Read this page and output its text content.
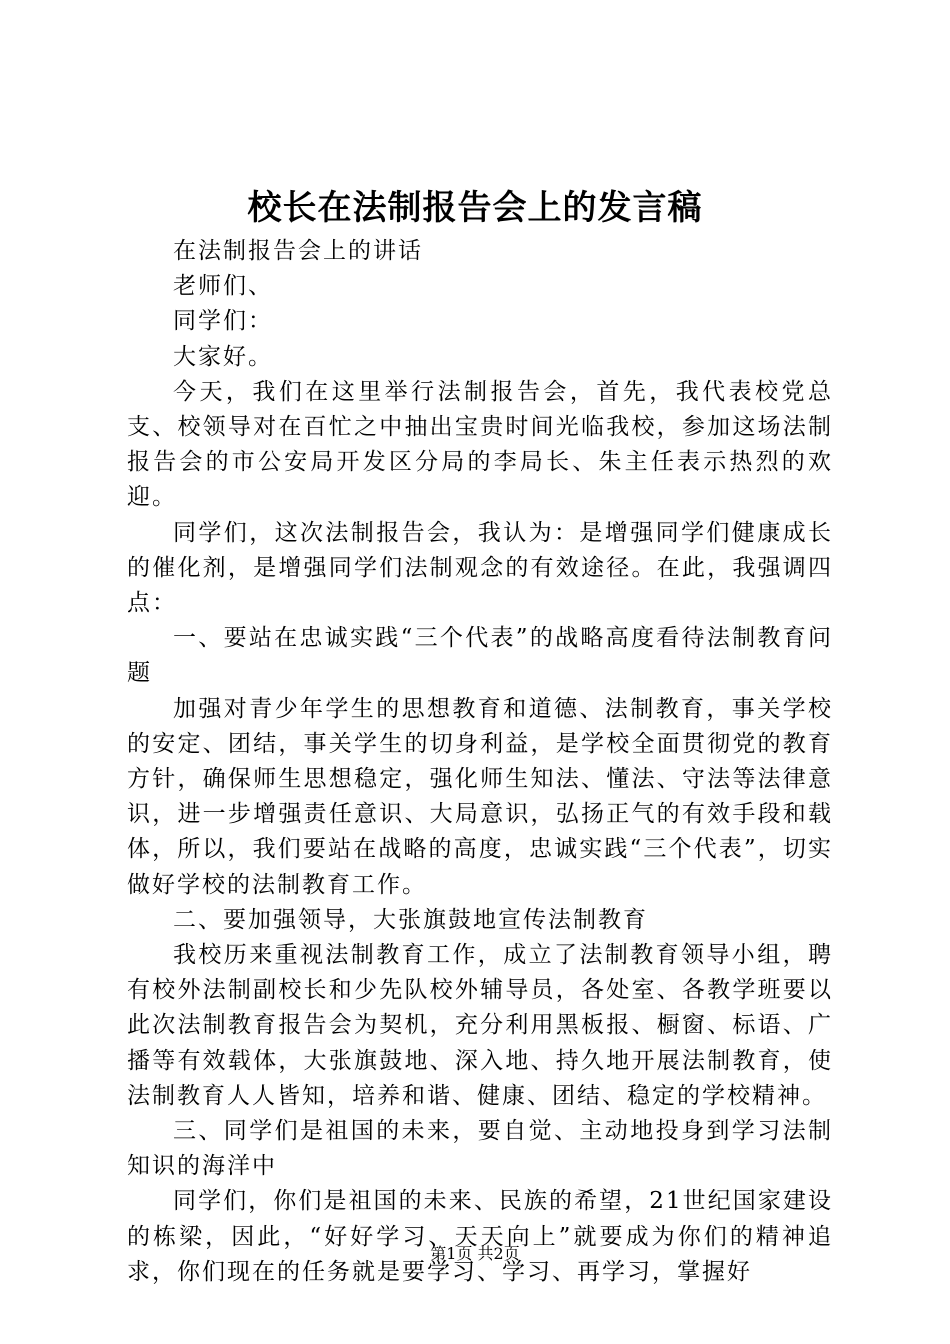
校长在法制报告会上的发言稿

在法制报告会上的讲话

老师们、

同学们：

大家好。

今天，我们在这里举行法制报告会，首先，我代表校党总支、校领导对在百忙之中抽出宝贵时间光临我校，参加这场法制报告会的市公安局开发区分局的李局长、朱主任表示热烈的欢迎。

同学们，这次法制报告会，我认为：是增强同学们健康成长的催化剂，是增强同学们法制观念的有效途径。在此，我强调四点：

一、要站在忠诚实践“三个代表”的战略高度看待法制教育问题

加强对青少年学生的思想教育和道德、法制教育，事关学校的安定、团结，事关学生的切身利益，是学校全面贯彻党的教育方针，确保师生思想稳定，强化师生知法、懂法、守法等法律意识，进一步增强责任意识、大局意识，弘扬正气的有效手段和载体，所以，我们要站在战略的高度，忠诚实践“三个代表”，切实做好学校的法制教育工作。

二、要加强领导，大张旗鼓地宣传法制教育

我校历来重视法制教育工作，成立了法制教育领导小组，聘有校外法制副校长和少先队校外辅导员，各处室、各教学班要以此次法制教育报告会为契机，充分利用黑板报、橱窗、标语、广播等有效载体，大张旗鼓地、深入地、持久地开展法制教育，使法制教育人人皆知，培养和谐、健康、团结、稳定的学校精神。

三、同学们是祖国的未来，要自觉、主动地投身到学习法制知识的海洋中

同学们，你们是祖国的未来、民族的希望，21世纪国家建设的栋梁，因此，“好好学习、天天向上”就要成为你们的精神追求，你们现在的任务就是要学习、学习、再学习，掌握好

第1页 共2页
